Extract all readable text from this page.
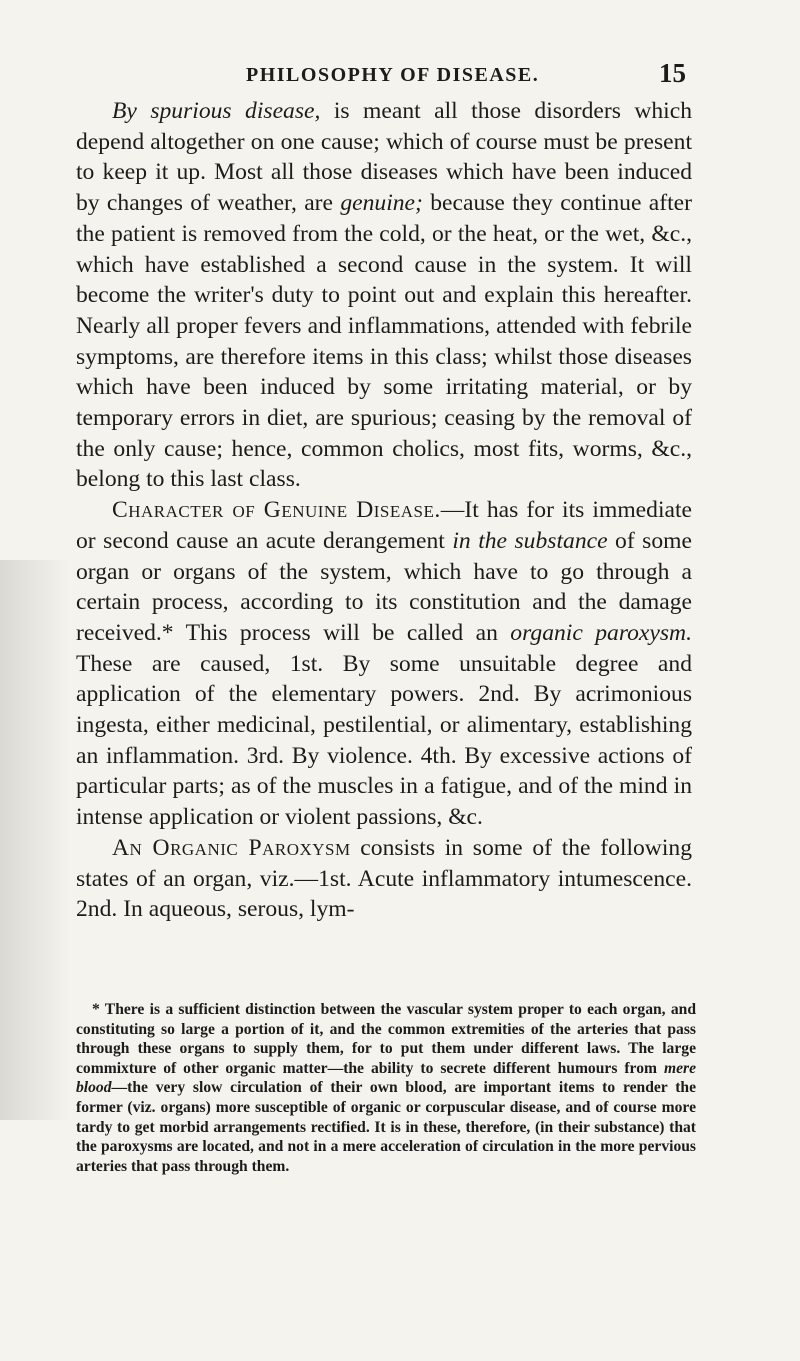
PHILOSOPHY OF DISEASE.	15

By spurious disease, is meant all those disorders which depend altogether on one cause; which of course must be present to keep it up. Most all those diseases which have been induced by changes of weather, are genuine; because they continue after the patient is removed from the cold, or the heat, or the wet, &c., which have established a second cause in the system. It will become the writer's duty to point out and explain this hereafter. Nearly all proper fevers and inflammations, attended with febrile symptoms, are therefore items in this class; whilst those diseases which have been induced by some irritating material, or by temporary errors in diet, are spurious; ceasing by the removal of the only cause; hence, common cholics, most fits, worms, &c., belong to this last class.

Character of Genuine Disease.—It has for its immediate or second cause an acute derangement in the substance of some organ or organs of the system, which have to go through a certain process, according to its constitution and the damage received.* This process will be called an organic paroxysm. These are caused, 1st. By some unsuitable degree and application of the elementary powers. 2nd. By acrimonious ingesta, either medicinal, pestilential, or alimentary, establishing an inflammation. 3rd. By violence. 4th. By excessive actions of particular parts; as of the muscles in a fatigue, and of the mind in intense application or violent passions, &c.

An Organic Paroxysm consists in some of the following states of an organ, viz.—1st. Acute inflammatory intumescence. 2nd. In aqueous, serous, lym-

* There is a sufficient distinction between the vascular system proper to each organ, and constituting so large a portion of it, and the common extremities of the arteries that pass through these organs to supply them, for to put them under different laws. The large commixture of other organic matter—the ability to secrete different humours from mere blood—the very slow circulation of their own blood, are important items to render the former (viz. organs) more susceptible of organic or corpuscular disease, and of course more tardy to get morbid arrangements rectified. It is in these, therefore, (in their substance) that the paroxysms are located, and not in a mere acceleration of circulation in the more pervious arteries that pass through them.
